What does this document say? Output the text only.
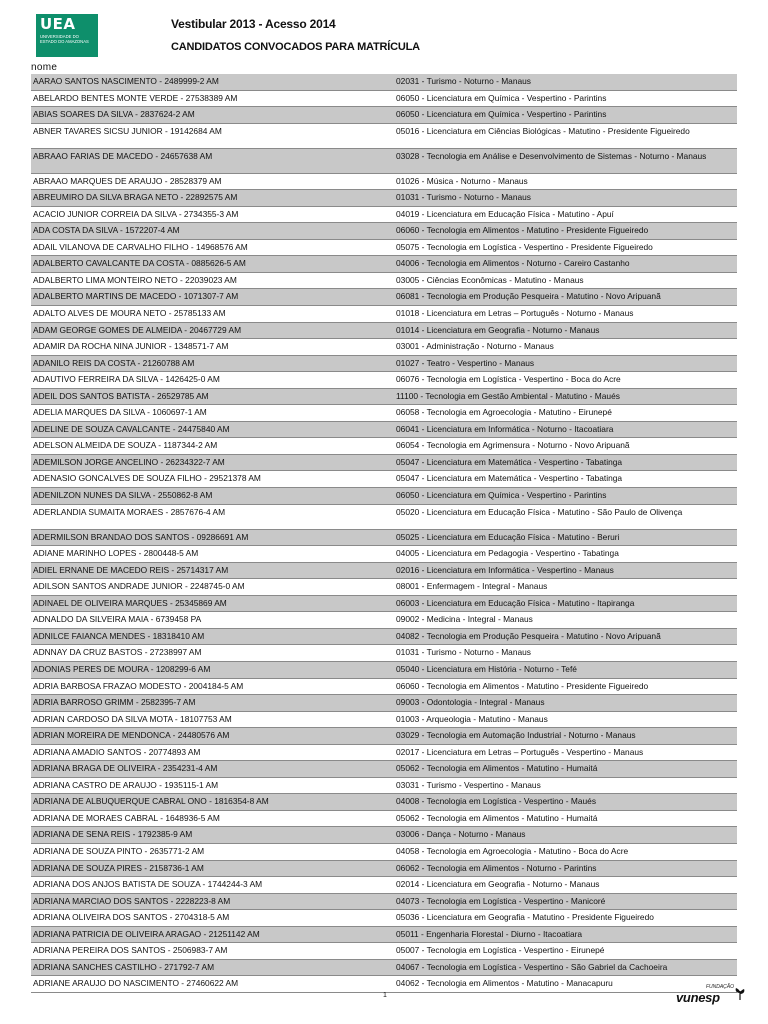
UEA
UNIVERSIDADE DO ESTADO DO AMAZONAS
Vestibular 2013 - Acesso 2014
CANDIDATOS CONVOCADOS PARA MATRÍCULA
nome
AARAO SANTOS NASCIMENTO - 2489999-2 AM	02031 - Turismo - Noturno - Manaus
ABELARDO BENTES MONTE VERDE - 27538389 AM	06050 - Licenciatura em Química - Vespertino - Parintins
ABIAS SOARES DA SILVA - 2837624-2 AM	06050 - Licenciatura em Química - Vespertino - Parintins
ABNER TAVARES SICSU JUNIOR - 19142684 AM	05016 - Licenciatura em Ciências Biológicas - Matutino - Presidente Figueiredo
ABRAAO FARIAS DE MACEDO - 24657638 AM	03028 - Tecnologia em Análise e Desenvolvimento de Sistemas - Noturno - Manaus
ABRAAO MARQUES DE ARAUJO - 28528379 AM	01026 - Música - Noturno - Manaus
ABREUMIRO DA SILVA BRAGA NETO - 22892575 AM	01031 - Turismo - Noturno - Manaus
ACACIO JUNIOR CORREIA DA SILVA - 2734355-3 AM	04019 - Licenciatura em Educação Física - Matutino - Apuí
ADA COSTA DA SILVA - 1572207-4 AM	06060 - Tecnologia em Alimentos - Matutino - Presidente Figueiredo
ADAIL VILANOVA DE CARVALHO FILHO - 14968576 AM	05075 - Tecnologia em Logística - Vespertino - Presidente Figueiredo
ADALBERTO CAVALCANTE DA COSTA - 0885626-5 AM	04006 - Tecnologia em Alimentos - Noturno - Careiro Castanho
ADALBERTO LIMA MONTEIRO NETO - 22039023 AM	03005 - Ciências Econômicas - Matutino - Manaus
ADALBERTO MARTINS DE MACEDO - 1071307-7 AM	06081 - Tecnologia em Produção Pesqueira - Matutino - Novo Aripuanã
ADALTO ALVES DE MOURA NETO - 25785133 AM	01018 - Licenciatura em Letras – Português - Noturno - Manaus
ADAM GEORGE GOMES DE ALMEIDA - 20467729 AM	01014 - Licenciatura em Geografia - Noturno - Manaus
ADAMIR DA ROCHA NINA JUNIOR - 1348571-7 AM	03001 - Administração - Noturno - Manaus
ADANILO REIS DA COSTA - 21260788 AM	01027 - Teatro - Vespertino - Manaus
ADAUTIVO FERREIRA DA SILVA - 1426425-0 AM	06076 - Tecnologia em Logística - Vespertino - Boca do Acre
ADEIL DOS SANTOS BATISTA - 26529785 AM	11100 - Tecnologia em Gestão Ambiental - Matutino - Maués
ADELIA MARQUES DA SILVA - 1060697-1 AM	06058 - Tecnologia em Agroecologia - Matutino - Eirunepé
ADELINE DE SOUZA CAVALCANTE - 24475840 AM	06041 - Licenciatura em Informática - Noturno - Itacoatiara
ADELSON ALMEIDA DE SOUZA - 1187344-2 AM	06054 - Tecnologia em Agrimensura - Noturno - Novo Aripuanã
ADEMILSON JORGE ANCELINO - 26234322-7 AM	05047 - Licenciatura em Matemática - Vespertino - Tabatinga
ADENASIO GONCALVES DE SOUZA FILHO - 29521378 AM	05047 - Licenciatura em Matemática - Vespertino - Tabatinga
ADENILZON NUNES DA SILVA - 2550862-8 AM	06050 - Licenciatura em Química - Vespertino - Parintins
ADERLANDIA SUMAITA MORAES - 2857676-4 AM	05020 - Licenciatura em Educação Física - Matutino - São Paulo de Olivença
ADERMILSON BRANDAO DOS SANTOS - 09286691 AM	05025 - Licenciatura em Educação Física - Matutino - Beruri
ADIANE MARINHO LOPES - 2800448-5 AM	04005 - Licenciatura em Pedagogia - Vespertino - Tabatinga
ADIEL ERNANE DE MACEDO REIS - 25714317 AM	02016 - Licenciatura em Informática - Vespertino - Manaus
ADILSON SANTOS ANDRADE JUNIOR - 2248745-0 AM	08001 - Enfermagem - Integral - Manaus
ADINAEL DE OLIVEIRA MARQUES - 25345869 AM	06003 - Licenciatura em Educação Física - Matutino - Itapiranga
ADNALDO DA SILVEIRA MAIA - 6739458 PA	09002 - Medicina - Integral - Manaus
ADNILCE FAIANCA MENDES - 18318410 AM	04082 - Tecnologia em Produção Pesqueira - Matutino - Novo Aripuanã
ADNNAY DA CRUZ BASTOS - 27238997 AM	01031 - Turismo - Noturno - Manaus
ADONIAS PERES DE MOURA - 1208299-6 AM	05040 - Licenciatura em História - Noturno - Tefé
ADRIA BARBOSA FRAZAO MODESTO - 2004184-5 AM	06060 - Tecnologia em Alimentos - Matutino - Presidente Figueiredo
ADRIA BARROSO GRIMM - 2582395-7 AM	09003 - Odontologia - Integral - Manaus
ADRIAN CARDOSO DA SILVA MOTA - 18107753 AM	01003 - Arqueologia - Matutino - Manaus
ADRIAN MOREIRA DE MENDONCA - 24480576 AM	03029 - Tecnologia em Automação Industrial - Noturno - Manaus
ADRIANA AMADIO SANTOS - 20774893 AM	02017 - Licenciatura em Letras – Português - Vespertino - Manaus
ADRIANA BRAGA DE OLIVEIRA - 2354231-4 AM	05062 - Tecnologia em Alimentos - Matutino - Humaitá
ADRIANA CASTRO DE ARAUJO - 1935115-1 AM	03031 - Turismo - Vespertino - Manaus
ADRIANA DE ALBUQUERQUE CABRAL ONO - 1816354-8 AM	04008 - Tecnologia em Logística - Vespertino - Maués
ADRIANA DE MORAES CABRAL - 1648936-5 AM	05062 - Tecnologia em Alimentos - Matutino - Humaitá
ADRIANA DE SENA REIS - 1792385-9 AM	03006 - Dança - Noturno - Manaus
ADRIANA DE SOUZA PINTO - 2635771-2 AM	04058 - Tecnologia em Agroecologia - Matutino - Boca do Acre
ADRIANA DE SOUZA PIRES - 2158736-1 AM	06062 - Tecnologia em Alimentos - Noturno - Parintins
ADRIANA DOS ANJOS BATISTA DE SOUZA - 1744244-3 AM	02014 - Licenciatura em Geografia - Noturno - Manaus
ADRIANA MARCIAO DOS SANTOS - 2228223-8 AM	04073 - Tecnologia em Logística - Vespertino - Manicoré
ADRIANA OLIVEIRA DOS SANTOS - 2704318-5 AM	05036 - Licenciatura em Geografia - Matutino - Presidente Figueiredo
ADRIANA PATRICIA DE OLIVEIRA ARAGAO - 21251142 AM	05011 - Engenharia Florestal - Diurno - Itacoatiara
ADRIANA PEREIRA DOS SANTOS - 2506983-7 AM	05007 - Tecnologia em Logística - Vespertino - Eirunepé
ADRIANA SANCHES CASTILHO - 271792-7 AM	04067 - Tecnologia em Logística - Vespertino - São Gabriel da Cachoeira
ADRIANE ARAUJO DO NASCIMENTO - 27460622 AM	04062 - Tecnologia em Alimentos - Matutino - Manacapuru
1
FUNDAÇÃO
vunesp
